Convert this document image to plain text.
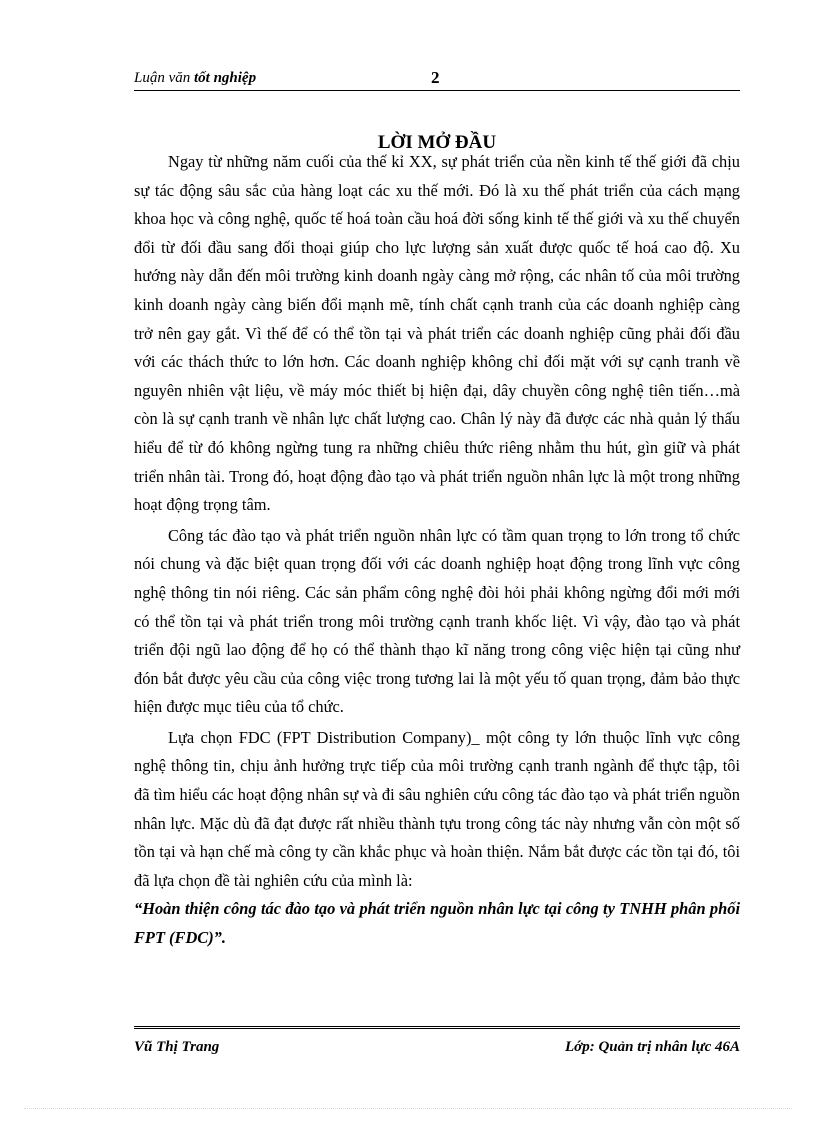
Luận văn tốt nghiệp	2
LỜI MỞ ĐẦU

Ngay từ những năm cuối của thế kỉ XX, sự phát triển của nền kinh tế thế giới đã chịu sự tác động sâu sắc của hàng loạt các xu thế mới. Đó là xu thế phát triển của cách mạng khoa học và công nghệ, quốc tế hoá toàn cầu hoá đời sống kinh tế thế giới và xu thế chuyển đổi từ đối đầu sang đối thoại giúp cho lực lượng sản xuất được quốc tế hoá cao độ. Xu hướng này dẫn đến môi trường kinh doanh ngày càng mở rộng, các nhân tố của môi trường kinh doanh ngày càng biến đổi mạnh mẽ, tính chất cạnh tranh của các doanh nghiệp càng trở nên gay gắt. Vì thế để có thể tồn tại và phát triển các doanh nghiệp cũng phải đối đầu với các thách thức to lớn hơn. Các doanh nghiệp không chỉ đối mặt với sự cạnh tranh về nguyên nhiên vật liệu, về máy móc thiết bị hiện đại, dây chuyền công nghệ tiên tiến…mà còn là sự cạnh tranh về nhân lực chất lượng cao. Chân lý này đã được các nhà quản lý thấu hiểu để từ đó không ngừng tung ra những chiêu thức riêng nhằm thu hút, gìn giữ và phát triển nhân tài. Trong đó, hoạt động đào tạo và phát triển nguồn nhân lực là một trong những hoạt động trọng tâm.

Công tác đào tạo và phát triển nguồn nhân lực có tầm quan trọng to lớn trong tổ chức nói chung và đặc biệt quan trọng đối với các doanh nghiệp hoạt động trong lĩnh vực công nghệ thông tin nói riêng. Các sản phẩm công nghệ đòi hỏi phải không ngừng đổi mới mới có thể tồn tại và phát triển trong môi trường cạnh tranh khốc liệt. Vì vậy, đào tạo và phát triển đội ngũ lao động để họ có thể thành thạo kĩ năng trong công việc hiện tại cũng như đón bắt được yêu cầu của công việc trong tương lai là một yếu tố quan trọng, đảm bảo thực hiện được mục tiêu của tổ chức.

Lựa chọn FDC (FPT Distribution Company)_ một công ty lớn thuộc lĩnh vực công nghệ thông tin, chịu ảnh hưởng trực tiếp của môi trường cạnh tranh ngành để thực tập, tôi đã tìm hiểu các hoạt động nhân sự và đi sâu nghiên cứu công tác đào tạo và phát triển nguồn nhân lực. Mặc dù đã đạt được rất nhiều thành tựu trong công tác này nhưng vẫn còn một số tồn tại và hạn chế mà công ty cần khắc phục và hoàn thiện. Nắm bắt được các tồn tại đó, tôi đã lựa chọn đề tài nghiên cứu của mình là:
“Hoàn thiện công tác đào tạo và phát triển nguồn nhân lực tại công ty TNHH phân phối FPT (FDC)”.

Vũ Thị Trang	Lớp: Quản trị nhân lực 46A
